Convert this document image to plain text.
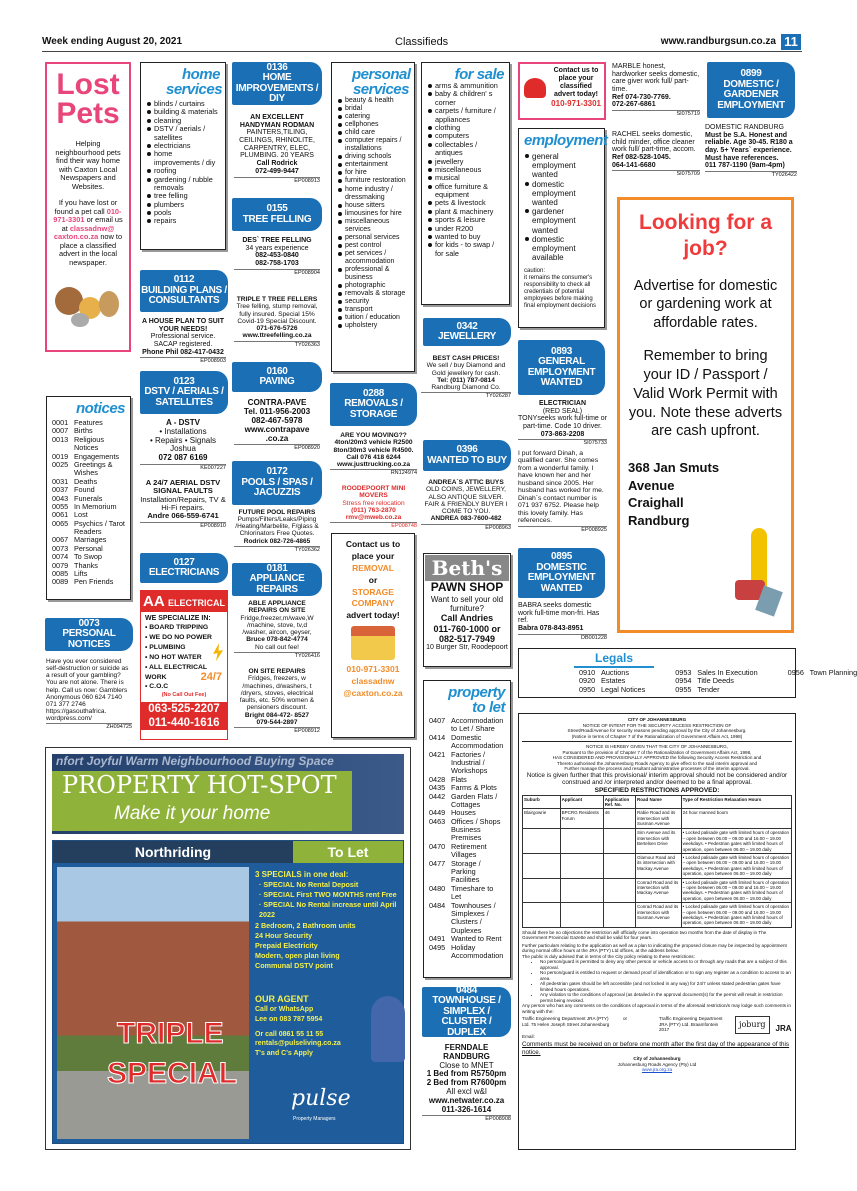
Week ending August 20, 2021	Classifieds	www.randburgsun.co.za 11
Lost
Pets

Helping neighbourhood pets find their way home with Caxton Local Newspapers and Websites.

If you have lost or found a pet call 010-971-3301 or email us at classadnw@ caxton.co.za now to place a classified advert in the local newspaper.

home services
blinds / curtains
building & materials
cleaning
DSTV / aerials / satellites
electricians
home improvements / diy
roofing
gardening / rubble removals
tree felling
plumbers
pools
repairs
0112
BUILDING PLANS / CONSULTANTS
A HOUSE PLAN TO SUIT YOUR NEEDS!
Professional service. SACAP registered.
Phone Phil 082-417-0432
EP008903
0123
DSTV / AERIALS / SATELLITES
A - DSTV
• Installations
• Repairs • Signals
Joshua
072 087 6169
KE007227
A 24/7 AERIAL DSTV SIGNAL FAULTS
Installation/Repairs, TV & Hi-Fi repairs.
Andre 066-559-6741
EP008910
0127
ELECTRICIANS
AA ELECTRICAL
WE SPECIALIZE IN:
• BOARD TRIPPING
• WE DO NO POWER
• PLUMBING
• NO HOT WATER
• ALL ELECTRICAL WORK
• C.O.C
24/7
(No Call Out Fee)
063-525-2207
011-440-1616
notices
0001 Features
0007 Births
0013 Religious Notices
0019 Engagements
0025 Greetings & Wishes
0031 Deaths
0037 Found
0043 Funerals
0055 In Memorium
0061 Lost
0065 Psychics / Tarot Readers
0067 Marriages
0073 Personal
0074 To Swop
0079 Thanks
0085 Lifts
0089 Pen Friends
0073
PERSONAL NOTICES
Have you ever considered self-destruction or suicide as a result of your gambling? You are not alone. There is help. Call us now: Gamblers Anonymous 060 624 7140 071 377 2746 https://gasouthafrica. wordpress.com/
ZH094725
0136
HOME IMPROVEMENTS / DIY
AN EXCELLENT HANDYMAN RODMAN
PAINTERS,TILING, CEILINGS, RHINOLITE, CARPENTRY, ELEC, PLUMBING. 20 YEARS
Call Rodrick
072-499-9447
EP008913
0155
TREE FELLING
DES` TREE FELLING
34 years experience
082-453-0840
082-758-1703
EP008904
TRIPLE T TREE FELLERS
Tree felling, stump removal, fully insured. Special 15% Covid-19 Special Discount.
071-676-5726
www.ttreefelling.co.za
TY026363
0160
PAVING
CONTRA-PAVE
Tel. 011-956-2003
082-467-5978
www.contrapave .co.za
EP008920
0172
POOLS / SPAS / JACUZZIS
FUTURE POOL REPAIRS
Pumps/Filters/Leaks/Piping /Heating/Marbelite, F/glass & Chlorinators Free Quotes.
Rodrick 082-726-4865
TY026362
0181
APPLIANCE REPAIRS
ABLE APPLIANCE REPAIRS ON SITE
Fridge,freezer,m/wave,W /machine, stove, tv,d /washer, aircon, geyser,
Bruce 078-842-4774
No call out fee!
TY026416
ON SITE REPAIRS
Fridges, freezers, w /machines, d/washers, t /dryers, stoves, electrical faults, etc. 50% women & pensioners discount.
Bright 084-472- 8527
079-544-2897
EP008912
personal services
beauty & health
bridal
catering
cellphones
child care
computer repairs / installations
driving schools
entertainment
for hire
furniture restoration
home industry / dressmaking
house sitters
limousines for hire
miscellaneous services
personal services
pest control
pet services / accommodation
professional & business
photographic
removals & storage
security
transport
tuition / education
upholstery
0288
REMOVALS / STORAGE
ARE YOU MOVING??
4ton/20m3 vehicle R2500
8ton/30m3 vehicle R4500.
Call 076 418 6244
www.justtrucking.co.za
RN124974
ROODEPOORT MINI MOVERS
Stress free relocation
(011) 763-2870
rmv@mweb.co.za
EP008748
Contact us to place your
REMOVAL
or
STORAGE COMPANY
advert today!
010-971-3301
classadnw
@caxton.co.za
for sale
arms & ammunition
baby & children' s corner
carpets / furniture / appliances
clothing
computers
collectables / antiques
jewellery
miscellaneous
musical
office furniture & equipment
pets & livestock
plant & machinery
sports & leisure
under R200
wanted to buy
for kids - to swap / for sale
0342
JEWELLERY
BEST CASH PRICES!
We sell / buy Diamond and Gold jewellery for cash.
Tel: (011) 787-0814
Randburg Diamond Co.
TY026287
0396
WANTED TO BUY
ANDREA`S ATTIC BUYS
OLD COINS, JEWELLERY, ALSO ANTIQUE SILVER. FAIR & FRIENDLY BUYER I COME TO YOU.
ANDREA 083-7600-482
EP008963
Beth's
PAWN SHOP
Want to sell your old furniture?
Call Andries
011-760-1000 or
082-517-7949
10 Burger Str, Roodepoort
property to let
0407 Accommodation to Let / Share
0414 Domestic Accommodation
0421 Factories / Industrial / Workshops
0428 Flats
0435 Farms & Plots
0442 Garden Flats / Cottages
0449 Houses
0463 Offices / Shops Business Premises
0470 Retirement Villages
0477 Storage / Parking Facilities
0480 Timeshare to Let
0484 Townhouses / Simplexes / Clusters / Duplexes
0491 Wanted to Rent
0495 Holiday Accommodation
0484
TOWNHOUSE / SIMPLEX / CLUSTER / DUPLEX
FERNDALE RANDBURG
Close to MNET
1 Bed from R5750pm
2 Bed from R7600pm
All excl w&l
www.netwater.co.za
011-326-1614
EP008908
Contact us to place your classified advert today!
010-971-3301
employment
general employment wanted
domestic employment wanted
gardener employment wanted
domestic employment available
caution:
it remains the consumer's responsibility to check all credentials of potential employees before making final employment decisions
MARBLE honest, hardworker seeks domestic, care giver work full/ part-time.
Ref 074-730-7769.
072-267-6861
SI075719
RACHEL seeks domestic, child minder, office cleaner work full/ part-time, accom.
Ref 082-528-1045.
064-141-6680
SI075709
0899
DOMESTIC / GARDENER EMPLOYMENT
DOMESTIC RANDBURG
Must be S.A. Honest and reliable. Age 30-45. R180 a day. 5+ Years` experience. Must have references.
011 787-1190 (9am-4pm)
TY026422
Looking for a job?
Advertise for domestic or gardening work at affordable rates.
Remember to bring your ID / Passport / Valid Work Permit with you. Note these adverts are cash upfront.
368 Jan Smuts
Avenue
Craighall
Randburg
0893
GENERAL EMPLOYMENT WANTED
ELECTRICIAN
(RED SEAL)
TONYseeks work full-time or part-time. Code 10 driver.
073-863-2208
SI075733
I put forward Dinah, a qualified carer. She comes from a wonderful family. I have known her and her husband since 2005. Her husband has worked for me. Dinah`s contact number is 071 937 6752. Please help this lovely family. Has references.
EP008925
0895
DOMESTIC EMPLOYMENT WANTED
BABRA seeks domestic work full-time mon-fri. Has ref.
Babra 078-843-8951
DB001228
Legals
0910 Auctions
0920 Estates
0950 Legal Notices
0953 Sales In Execution
0954 Title Deeds
0955 Tender
0956 Town Planning
CITY OF JOHANNESBURG
NOTICE OF INTENT FOR THE SECURITY ACCESS RESTRICTION OF
Street/Road/Avenue for security reasons pending approval by the City of Johannesburg.
(Notice in terms of Chapter 7 of the Rationalization of Government Affairs Act, 1998)
NOTICE IS HEREBY GIVEN THAT THE CITY OF JOHANNESBURG,
Pursuant to the provision of Chapter 7 of the Rationalization of Government Affairs Act, 1998,
HAS CONSIDERED AND PROVISIONALLY APPROVED the following Security Access Restriction and
Thereto authorised the Johannesburg Roads Agency to give effect to the said interim approval and
Further manage the process and resultant administrative processes of the interim approval.
Notice is given further that this provisional/ interim approval should not be considered and/or construed and /or interpreted and/or deemed to be a final approval.
SPECIFIED RESTRICTIONS APPROVED:
Suburb	Applicant	Application Ref. No.	Road Name	Type of Restriction Relaxation Hours
Blairgowrie	BPCRG Residents Forum	46	Rabie Road and its intersection with Susman Avenue	24 hour manned boom
			Sim Avenue and its intersection with Bertelsen Drive	• Locked palisade gate with limited hours of operation – open between 06.00 – 09.00 and 16.00 – 19.00 weekdays. • Pedestrian gates with limited hours of operation, open between 06.00 – 19.00 daily
			Glamour Road and its intersection with Mackay Avenue	• Locked palisade gate with limited hours of operation – open between 06.00 – 09.00 and 16.00 – 19.00 weekdays. • Pedestrian gates with limited hours of operation, open between 06.00 – 19.00 daily
			Conrad Road and its intersection with Mackay Avenue	• Locked palisade gate with limited hours of operation – open between 06.00 – 09.00 and 16.00 – 19.00 weekdays. • Pedestrian gates with limited hours of operation, open between 06.00 – 19.00 daily
			Conrad Road and its intersection with Susman Avenue	• Locked palisade gate with limited hours of operation – open between 06.00 – 09.00 and 16.00 – 19.00 weekdays. • Pedestrian gates with limited hours of operation, open between 06.00 – 19.00 daily
Should there be no objections the restriction will officially come into operation two months from the date of display in The Government Provincial Gazette and shall be valid for four years.
Further particulars relating to the application as well as a plan to indicating the proposed closure may be inspected by appointment during normal office hours at the JRA (PTY) Ltd offices, at the address below.
The public is duly advised that in terms of the City policy relating to these restrictions:
• No person/guard is permitted to deny any other person or vehicle access to or through any roads that are a subject of this approval.
• No person/guard is entitled to request or demand proof of identification or to sign any register as a condition to access to an area.
• All pedestrian gates should be left accessible (and not locked in any way) for 24/7 unless stated pedestrian gates have limited hours operations.
• Any violation to the conditions of approval (as detailed in the approval document(s) for the permit will result in restriction permit being revoked.
Any person who has any comments on the conditions of approval in terms of the aforesaid restriction/s may lodge such comments in writing with the:
Traffic Engineering Department JRA (PTY) Ltd. 75 Helen Joseph Street Johannesburg
or	Traffic Engineering Department JRA (PTY) Ltd. Braamfontein 2017
joburg	JRA
Email:
Comments must be received on or before one month after the first day of the appearance of this notice.
City of Johannesburg
Johannesburg Roads Agency (Pty) Ltd
www.jra.org.za
nfort Joyful Warm Neighbourhood Buying Space
PROPERTY HOT-SPOT
Make it your home
Northriding	To Let
TRIPLE
SPECIAL
3 SPECIALS in one deal:
· SPECIAL No Rental Deposit
· SPECIAL First TWO MONTHS rent Free
· SPECIAL No Rental increase until April 2022
2 Bedroom, 2 Bathroom units
24 Hour Security
Prepaid Electricity
Modern, open plan living
Communal DSTV point
OUR AGENT
Call or WhatsApp
Lee on 083 787 5954
Or call 0861 55 11 55
rentals@pulseliving.co.za
T's and C's Apply
pulse
Property Managers
